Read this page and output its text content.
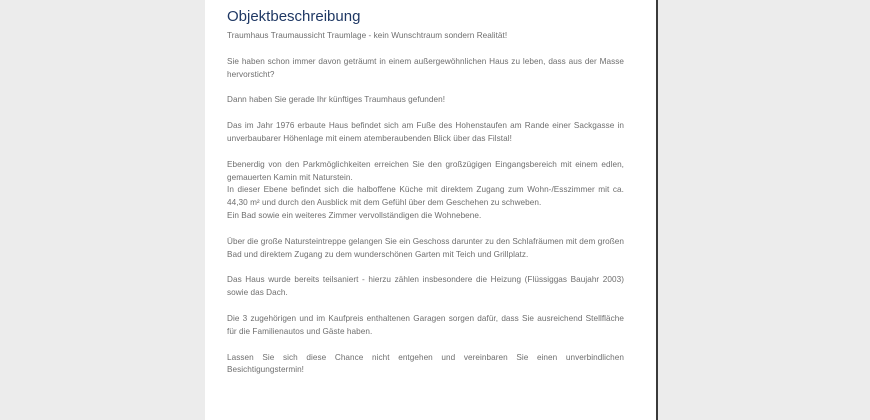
Objektbeschreibung

Traumhaus Traumaussicht Traumlage - kein Wunschtraum sondern Realität!

Sie haben schon immer davon geträumt in einem außergewöhnlichen Haus zu leben, dass aus der Masse hervorsticht?

Dann haben Sie gerade Ihr künftiges Traumhaus gefunden!

Das im Jahr 1976 erbaute Haus befindet sich am Fuße des Hohenstaufen am Rande einer Sackgasse in unverbaubarer Höhenlage mit einem atemberaubenden Blick über das Filstal!

Ebenerdig von den Parkmöglichkeiten erreichen Sie den großzügigen Eingangsbereich mit einem edlen, gemauerten Kamin mit Naturstein.
In dieser Ebene befindet sich die halboffene Küche mit direktem Zugang zum Wohn-/Esszimmer mit ca. 44,30 m² und durch den Ausblick mit dem Gefühl über dem Geschehen zu schweben.
Ein Bad sowie ein weiteres Zimmer vervollständigen die Wohnebene.

Über die große Natursteintreppe gelangen Sie ein Geschoss darunter zu den Schlafräumen mit dem großen Bad und direktem Zugang zu dem wunderschönen Garten mit Teich und Grillplatz.

Das Haus wurde bereits teilsaniert - hierzu zählen insbesondere die Heizung (Flüssiggas Baujahr 2003) sowie das Dach.

Die 3 zugehörigen und im Kaufpreis enthaltenen Garagen sorgen dafür, dass Sie ausreichend Stellfläche für die Familienautos und Gäste haben.

Lassen Sie sich diese Chance nicht entgehen und vereinbaren Sie einen unverbindlichen Besichtigungstermin!
